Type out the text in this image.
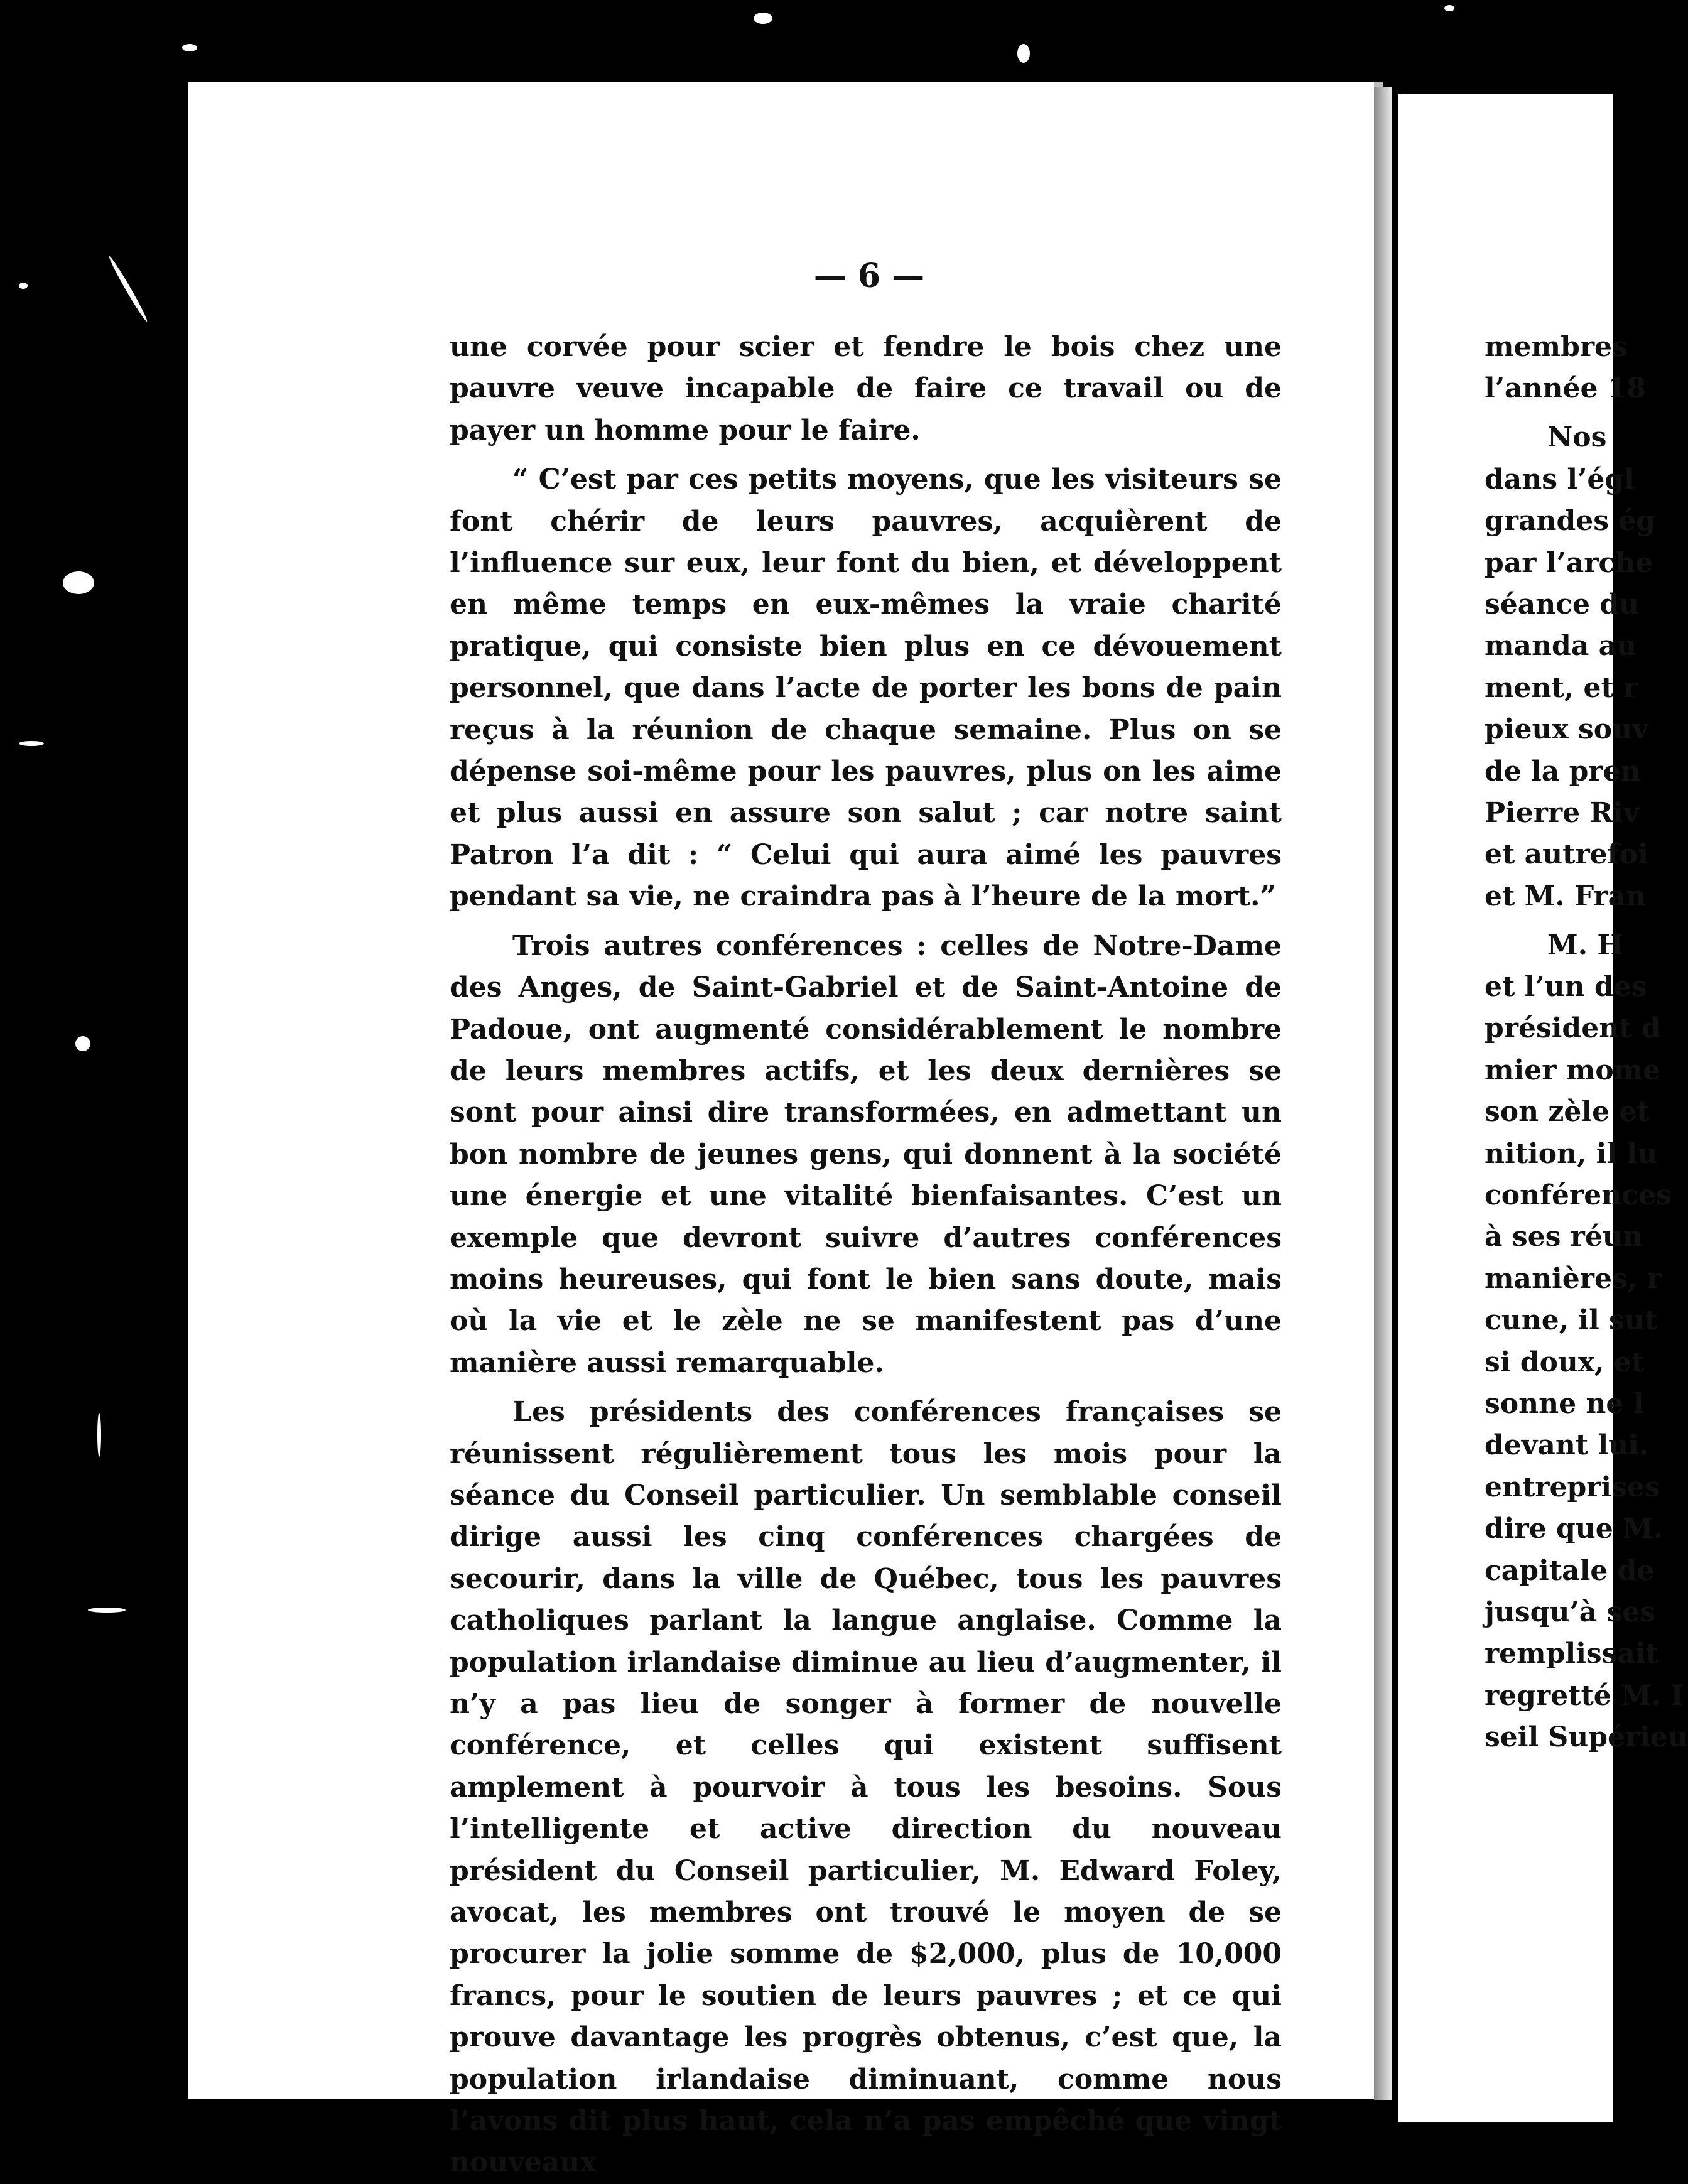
— 6 —

une corvée pour scier et fendre le bois chez une pauvre veuve incapable de faire ce travail ou de payer un homme pour le faire.

“ C’est par ces petits moyens, que les visiteurs se font chérir de leurs pauvres, acquièrent de l’influence sur eux, leur font du bien, et développent en même temps en eux-mêmes la vraie charité pratique, qui consiste bien plus en ce dévouement personnel, que dans l’acte de porter les bons de pain reçus à la réunion de chaque semaine. Plus on se dépense soi-même pour les pauvres, plus on les aime et plus aussi en assure son salut ; car notre saint Patron l’a dit : “ Celui qui aura aimé les pauvres pendant sa vie, ne craindra pas à l’heure de la mort.”

Trois autres conférences : celles de Notre-Dame des Anges, de Saint-Gabriel et de Saint-Antoine de Padoue, ont augmenté considérablement le nombre de leurs membres actifs, et les deux dernières se sont pour ainsi dire transformées, en admettant un bon nombre de jeunes gens, qui donnent à la société une énergie et une vitalité bienfaisantes. C’est un exemple que devront suivre d’autres conférences moins heureuses, qui font le bien sans doute, mais où la vie et le zèle ne se manifestent pas d’une manière aussi remarquable.

Les présidents des conférences françaises se réunissent régulièrement tous les mois pour la séance du Conseil particulier. Un semblable conseil dirige aussi les cinq conférences chargées de secourir, dans la ville de Québec, tous les pauvres catholiques parlant la langue anglaise. Comme la population irlandaise diminue au lieu d’augmenter, il n’y a pas lieu de songer à former de nouvelle conférence, et celles qui existent suffisent amplement à pourvoir à tous les besoins. Sous l’intelligente et active direction du nouveau président du Conseil particulier, M. Edward Foley, avocat, les membres ont trouvé le moyen de se procurer la jolie somme de $2,000, plus de 10,000 francs, pour le soutien de leurs pauvres ; et ce qui prouve davantage les progrès obtenus, c’est que, la population irlandaise diminuant, comme nous l’avons dit plus haut, cela n’a pas empêché que vingt nouveaux

membres
l’année 18
Nos
dans l’égl
grandes ég
par l’arche
séance du
manda au
ment, et r
pieux souv
de la pren
Pierre Riv
et autrefoi
et M. Fran
M. H
et l’un des
président d
mier mome
son zèle et
nition, il lu
conférences
à ses réun
manières, r
cune, il sut
si doux, et
sonne ne l
devant lui.
entreprises
dire que M.
capitale de
jusqu’à ses
remplissait
regretté M. I
seil Supérieu
